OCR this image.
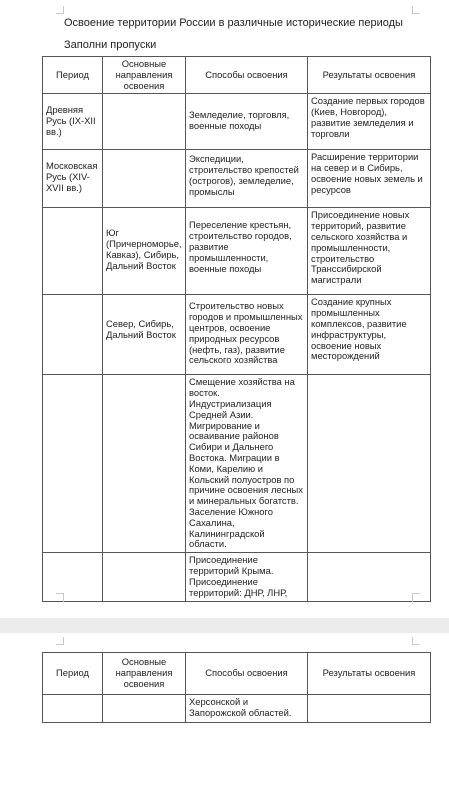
Освоение территории России в различные исторические периоды
Заполни пропуски
Период	Основные направления освоения	Способы освоения	Результаты освоения
Древняя Русь (IX-XII вв.)		Земледелие, торговля, военные походы	Создание первых городов (Киев, Новгород), развитие земледелия и торговли
Московская Русь (XIV-XVII вв.)		Экспедиции, строительство крепостей (острогов), земледелие, промыслы	Расширение территории на север и в Сибирь, освоение новых земель и ресурсов
	Юг (Причерноморье, Кавказ), Сибирь, Дальний Восток	Переселение крестьян, строительство городов, развитие промышленности, военные походы	Присоединение новых территорий, развитие сельского хозяйства и промышленности, строительство Транссибирской магистрали
	Север, Сибирь, Дальний Восток	Строительство новых городов и промышленных центров, освоение природных ресурсов (нефть, газ), развитие сельского хозяйства	Создание крупных промышленных комплексов, развитие инфраструктуры, освоение новых месторождений
		Смещение хозяйства на восток. Индустриализация Средней Азии. Мигрирование и осваивание районов Сибири и Дальнего Востока. Миграции в Коми, Карелию и Кольский полуостров по причине освоения лесных и минеральных богатств. Заселение Южного Сахалина, Калининградской области.	
		Присоединение территорий Крыма. Присоединение территорий: ДНР, ЛНР,	
Период	Основные направления освоения	Способы освоения	Результаты освоения
		Херсонской и Запорожской областей.	
